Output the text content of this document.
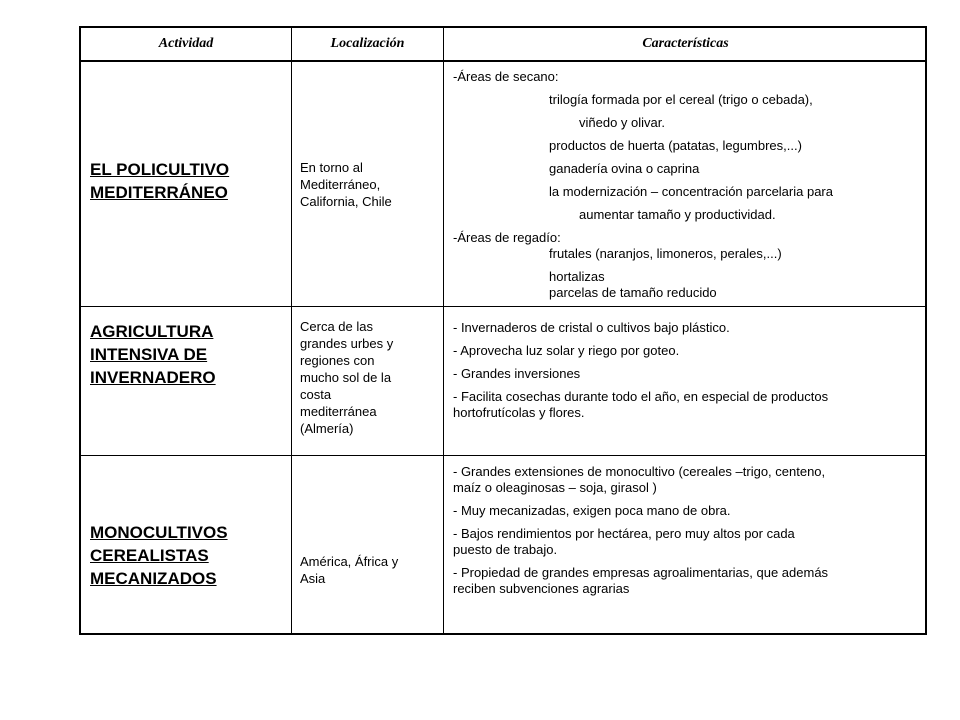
Actividad	Localización	Características
EL POLICULTIVO
MEDITERRÁNEO
En torno al
Mediterráneo,
California, Chile
-Áreas de secano:
trilogía formada por el cereal (trigo o cebada),
viñedo y olivar.
productos de huerta (patatas, legumbres,...)
ganadería ovina o caprina
la modernización – concentración parcelaria para
aumentar tamaño y productividad.
-Áreas de regadío:
frutales (naranjos, limoneros, perales,...)
hortalizas
parcelas de tamaño reducido
AGRICULTURA
INTENSIVA DE
INVERNADERO
Cerca de las
grandes urbes y
regiones con
mucho sol de la
costa
mediterránea
(Almería)
- Invernaderos de cristal o cultivos bajo plástico.
- Aprovecha luz solar y riego por goteo.
- Grandes inversiones
- Facilita cosechas durante todo el año, en especial de productos
hortofrutícolas y flores.
MONOCULTIVOS
CEREALISTAS
MECANIZADOS
América, África y
Asia
- Grandes extensiones de monocultivo (cereales –trigo, centeno,
maíz o oleaginosas – soja, girasol )
- Muy mecanizadas, exigen poca mano de obra.
- Bajos rendimientos por hectárea, pero muy altos por cada
puesto de trabajo.
- Propiedad de grandes empresas agroalimentarias, que además
reciben subvenciones agrarias
